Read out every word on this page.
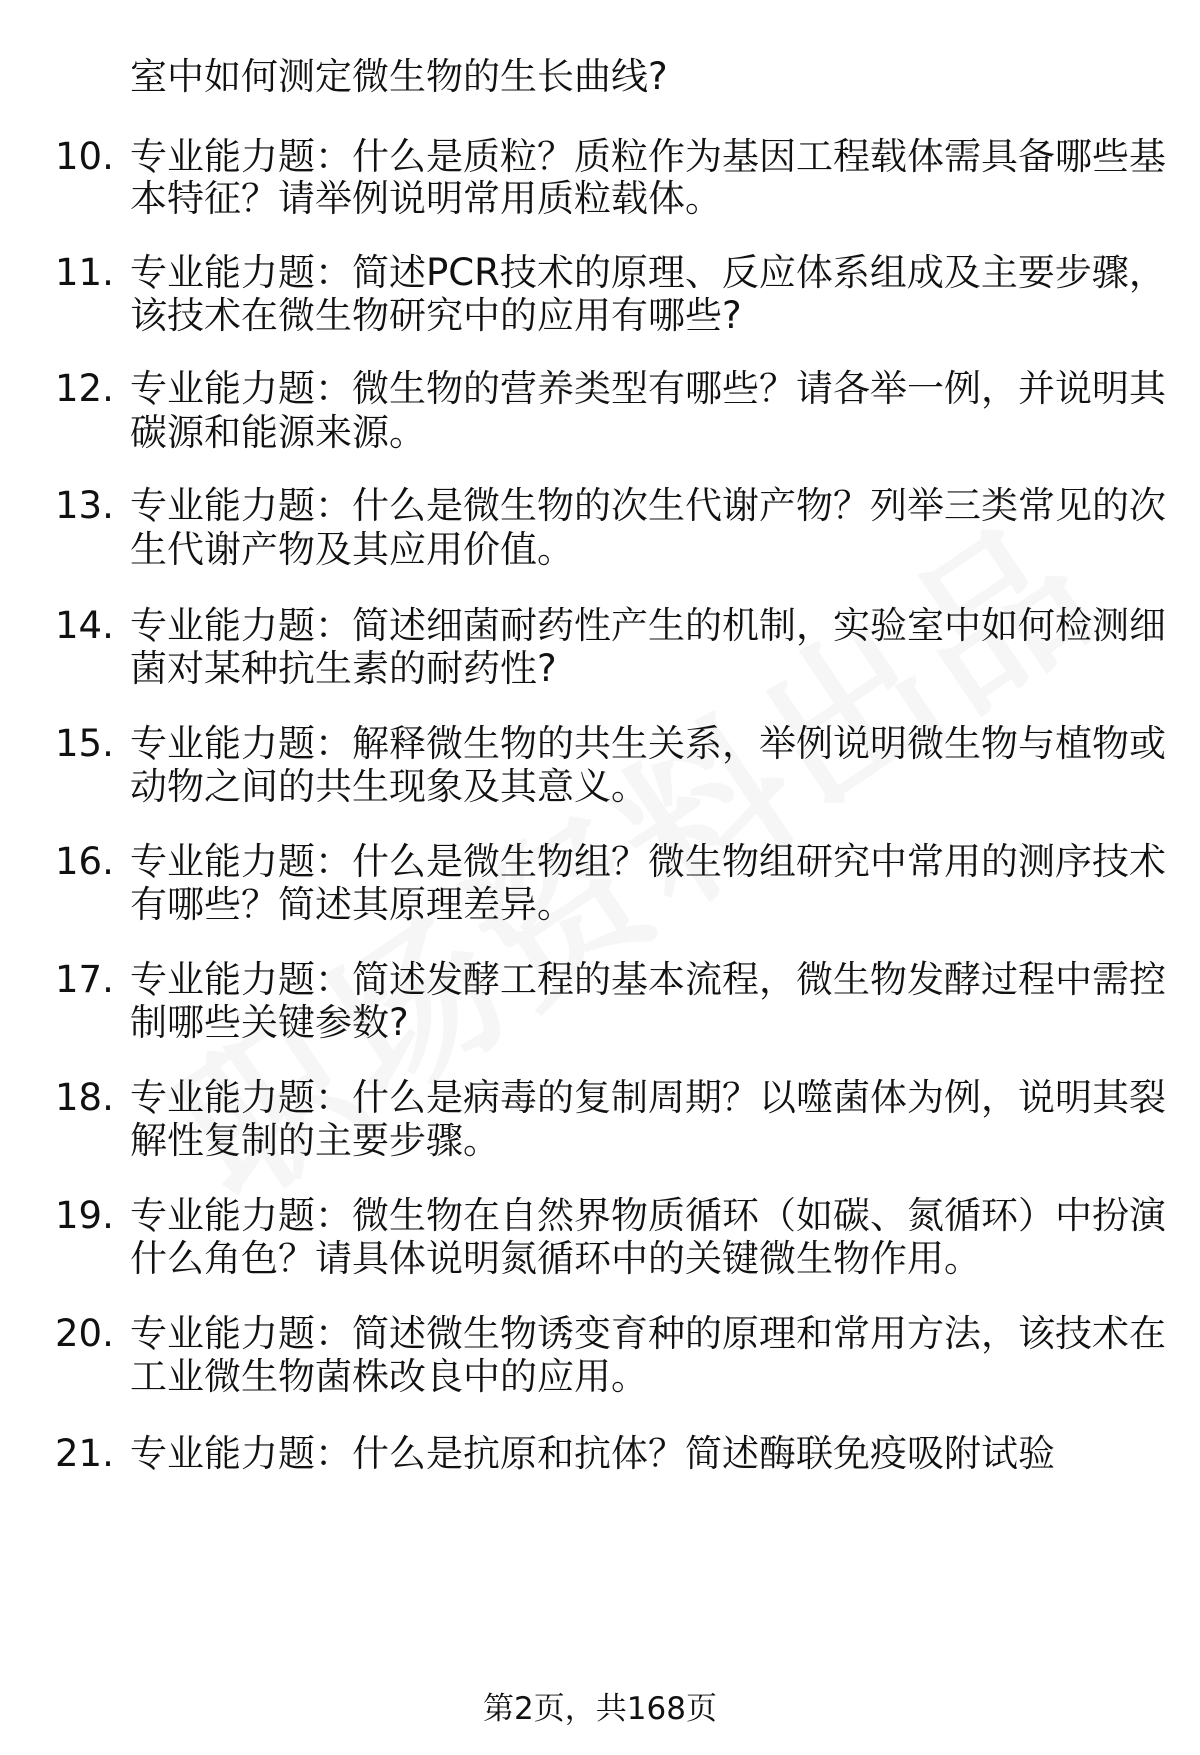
室中如何测定微生物的生长曲线?
10. 专业能力题：什么是质粒？质粒作为基因工程载体需具备哪些基
本特征？请举例说明常用质粒载体。
11. 专业能力题：简述PCR技术的原理、反应体系组成及主要步骤，
该技术在微生物研究中的应用有哪些?
12. 专业能力题：微生物的营养类型有哪些？请各举一例，并说明其
碳源和能源来源。
13. 专业能力题：什么是微生物的次生代谢产物？列举三类常见的次
生代谢产物及其应用价值。
14. 专业能力题：简述细菌耐药性产生的机制，实验室中如何检测细
菌对某种抗生素的耐药性?
15. 专业能力题：解释微生物的共生关系，举例说明微生物与植物或
动物之间的共生现象及其意义。
16. 专业能力题：什么是微生物组？微生物组研究中常用的测序技术
有哪些？简述其原理差异。
17. 专业能力题：简述发酵工程的基本流程，微生物发酵过程中需控
制哪些关键参数?
18. 专业能力题：什么是病毒的复制周期？以噬菌体为例，说明其裂
解性复制的主要步骤。
19. 专业能力题：微生物在自然界物质循环（如碳、氮循环）中扮演
什么角色？请具体说明氮循环中的关键微生物作用。
20. 专业能力题：简述微生物诱变育种的原理和常用方法，该技术在
工业微生物菌株改良中的应用。
21. 专业能力题：什么是抗原和抗体？简述酶联免疫吸附试验
第2页，共168页
